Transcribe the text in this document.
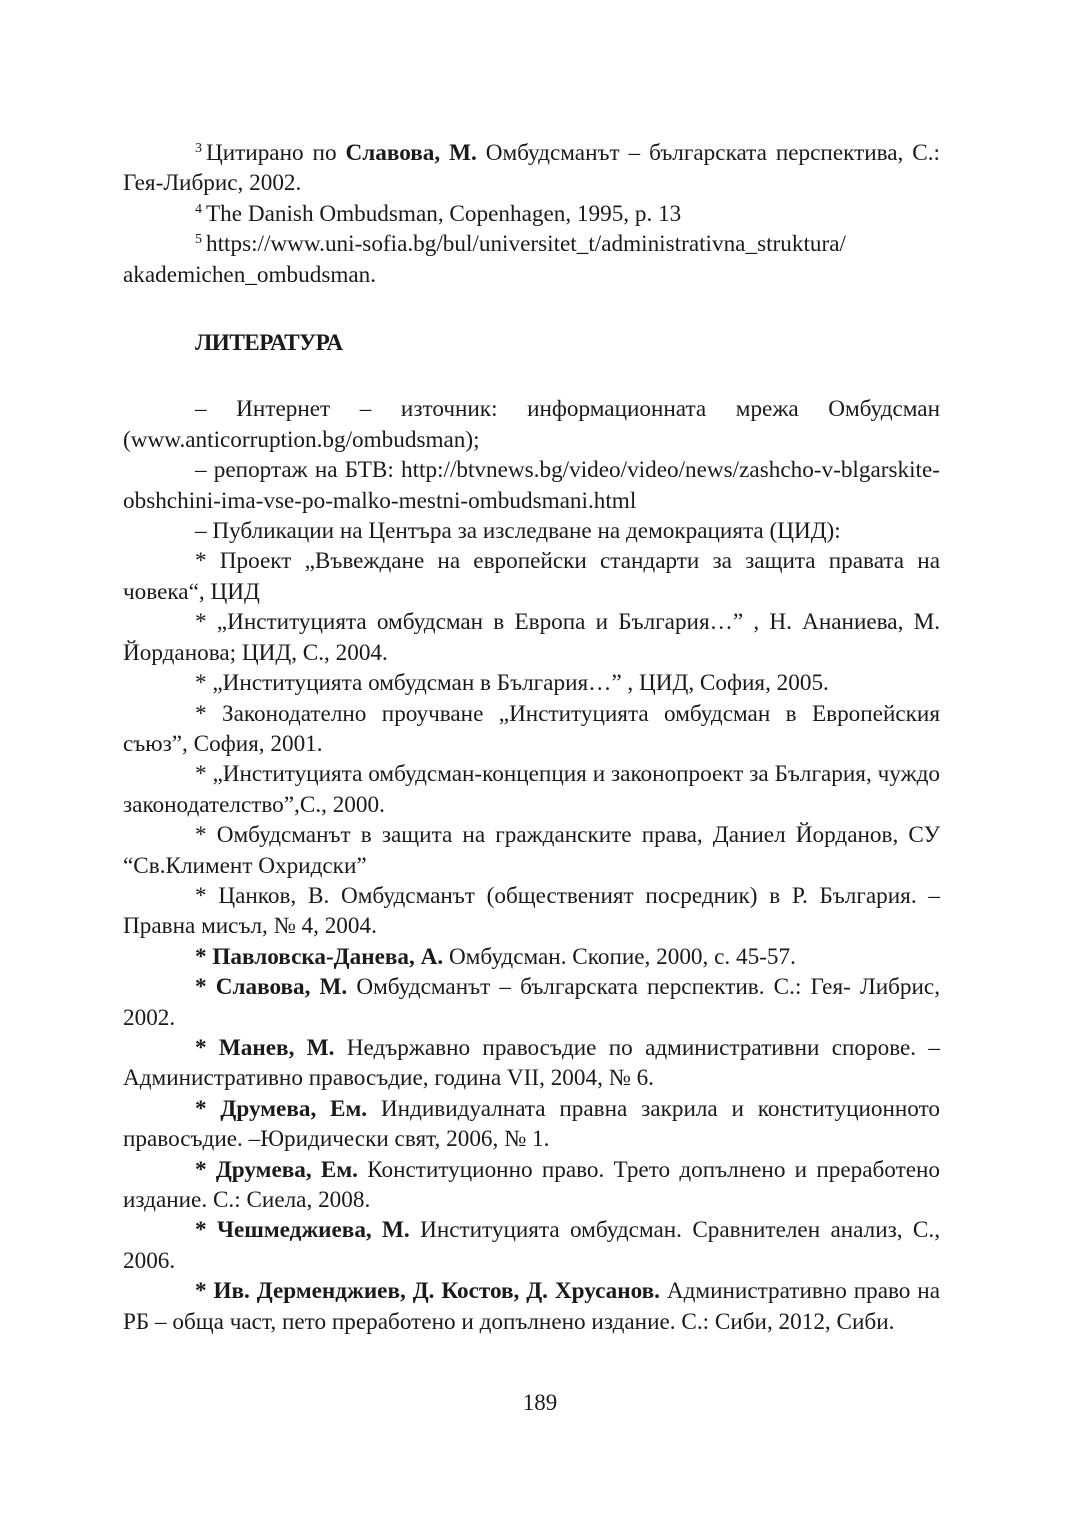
$^3$ Цитирано по Славова, М. Омбудсманът – българската перспектива, С.: Гея-Либрис, 2002.

$^4$ The Danish Ombudsman, Copenhagen, 1995, p. 13

$^5$ https://www.uni-sofia.bg/bul/universitet_t/administrativna_struktura/ akademichen_ombudsman.

ЛИТЕРАТУРА

– Интернет – източник: информационната мрежа Омбудсман (www.anticorruption.bg/ombudsman);

– репортаж на БТВ: http://btvnews.bg/video/video/news/zashcho-v-blgarskite-obshchini-ima-vse-po-malko-mestni-ombudsmani.html

– Публикации на Центъра за изследване на демокрацията (ЦИД):

* Проект „Въвеждане на европейски стандарти за защита правата на човека“, ЦИД

* „Институцията омбудсман в Европа и България…” , Н. Ананиева, М. Йорданова; ЦИД, С., 2004.

* „Институцията омбудсман в България…” , ЦИД, София, 2005.

* Законодателно проучване „Институцията омбудсман в Европейския съюз”, София, 2001.

* „Институцията омбудсман-концепция и законопроект за България, чуждо законодателство”,С., 2000.

* Омбудсманът в защита на гражданските права, Даниел Йорданов, СУ “Св.Климент Охридски”

* Цанков, В. Омбудсманът (общественият посредник) в Р. България. – Правна мисъл, № 4, 2004.

* Павловска-Данева, А. Омбудсман. Скопие, 2000, с. 45-57.

* Славова, М. Омбудсманът – българската перспектив. С.: Гея- Либрис, 2002.

* Манев, М. Недържавно правосъдие по административни спорове. – Административно правосъдие, година VII, 2004, № 6.

* Друмева, Ем. Индивидуалната правна закрила и конституционното правосъдие. –Юридически свят, 2006, № 1.

* Друмева, Ем. Конституционно право. Трето допълнено и преработено издание. С.: Сиела, 2008.

* Чешмеджиева, М. Институцията омбудсман. Сравнителен анализ, С., 2006.

* Ив. Дерменджиев, Д. Костов, Д. Хрусанов. Административно право на РБ – обща част, пето преработено и допълнено издание. С.: Сиби, 2012, Сиби.

189
